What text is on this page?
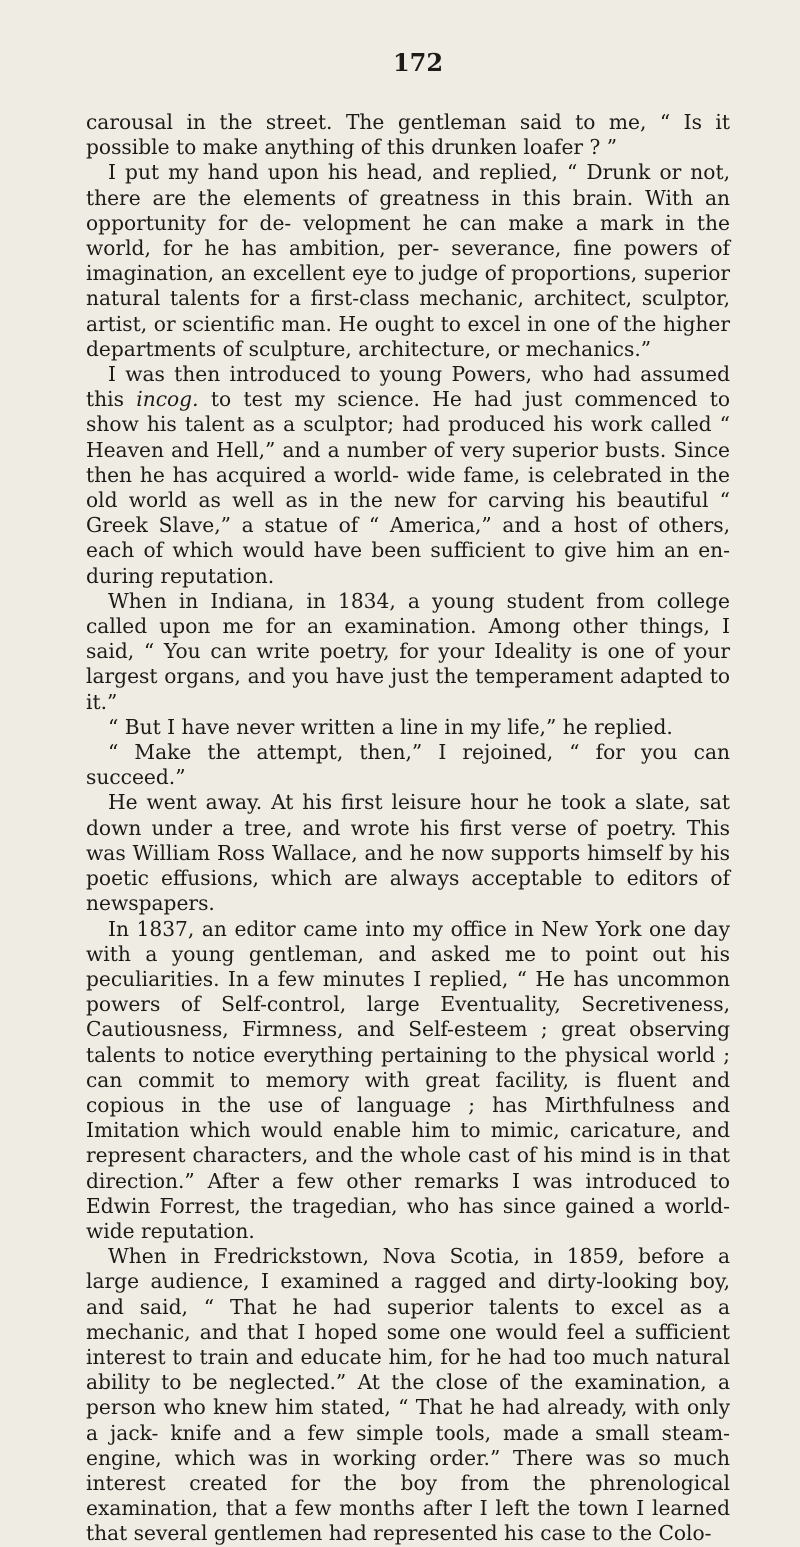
172

carousal in the street. The gentleman said to me, “ Is it possible to make anything of this drunken loafer ? ”

I put my hand upon his head, and replied, “ Drunk or not, there are the elements of greatness in this brain. With an opportunity for de- velopment he can make a mark in the world, for he has ambition, per- severance, fine powers of imagination, an excellent eye to judge of proportions, superior natural talents for a first-class mechanic, architect, sculptor, artist, or scientific man. He ought to excel in one of the higher departments of sculpture, architecture, or mechanics.”

I was then introduced to young Powers, who had assumed this incog. to test my science. He had just commenced to show his talent as a sculptor; had produced his work called “ Heaven and Hell,” and a number of very superior busts. Since then he has acquired a world- wide fame, is celebrated in the old world as well as in the new for carving his beautiful “ Greek Slave,” a statue of “ America,” and a host of others, each of which would have been sufficient to give him an en- during reputation.

When in Indiana, in 1834, a young student from college called upon me for an examination. Among other things, I said, “ You can write poetry, for your Ideality is one of your largest organs, and you have just the temperament adapted to it.”

“ But I have never written a line in my life,” he replied.

“ Make the attempt, then,” I rejoined, “ for you can succeed.”

He went away. At his first leisure hour he took a slate, sat down under a tree, and wrote his first verse of poetry. This was William Ross Wallace, and he now supports himself by his poetic effusions, which are always acceptable to editors of newspapers.

In 1837, an editor came into my office in New York one day with a young gentleman, and asked me to point out his peculiarities. In a few minutes I replied, “ He has uncommon powers of Self-control, large Eventuality, Secretiveness, Cautiousness, Firmness, and Self-esteem ; great observing talents to notice everything pertaining to the physical world ; can commit to memory with great facility, is fluent and copious in the use of language ; has Mirthfulness and Imitation which would enable him to mimic, caricature, and represent characters, and the whole cast of his mind is in that direction.” After a few other remarks I was introduced to Edwin Forrest, the tragedian, who has since gained a world-wide reputation.

When in Fredrickstown, Nova Scotia, in 1859, before a large audience, I examined a ragged and dirty-looking boy, and said, “ That he had superior talents to excel as a mechanic, and that I hoped some one would feel a sufficient interest to train and educate him, for he had too much natural ability to be neglected.” At the close of the examination, a person who knew him stated, “ That he had already, with only a jack- knife and a few simple tools, made a small steam-engine, which was in working order.” There was so much interest created for the boy from the phrenological examination, that a few months after I left the town I learned that several gentlemen had represented his case to the Colo-
